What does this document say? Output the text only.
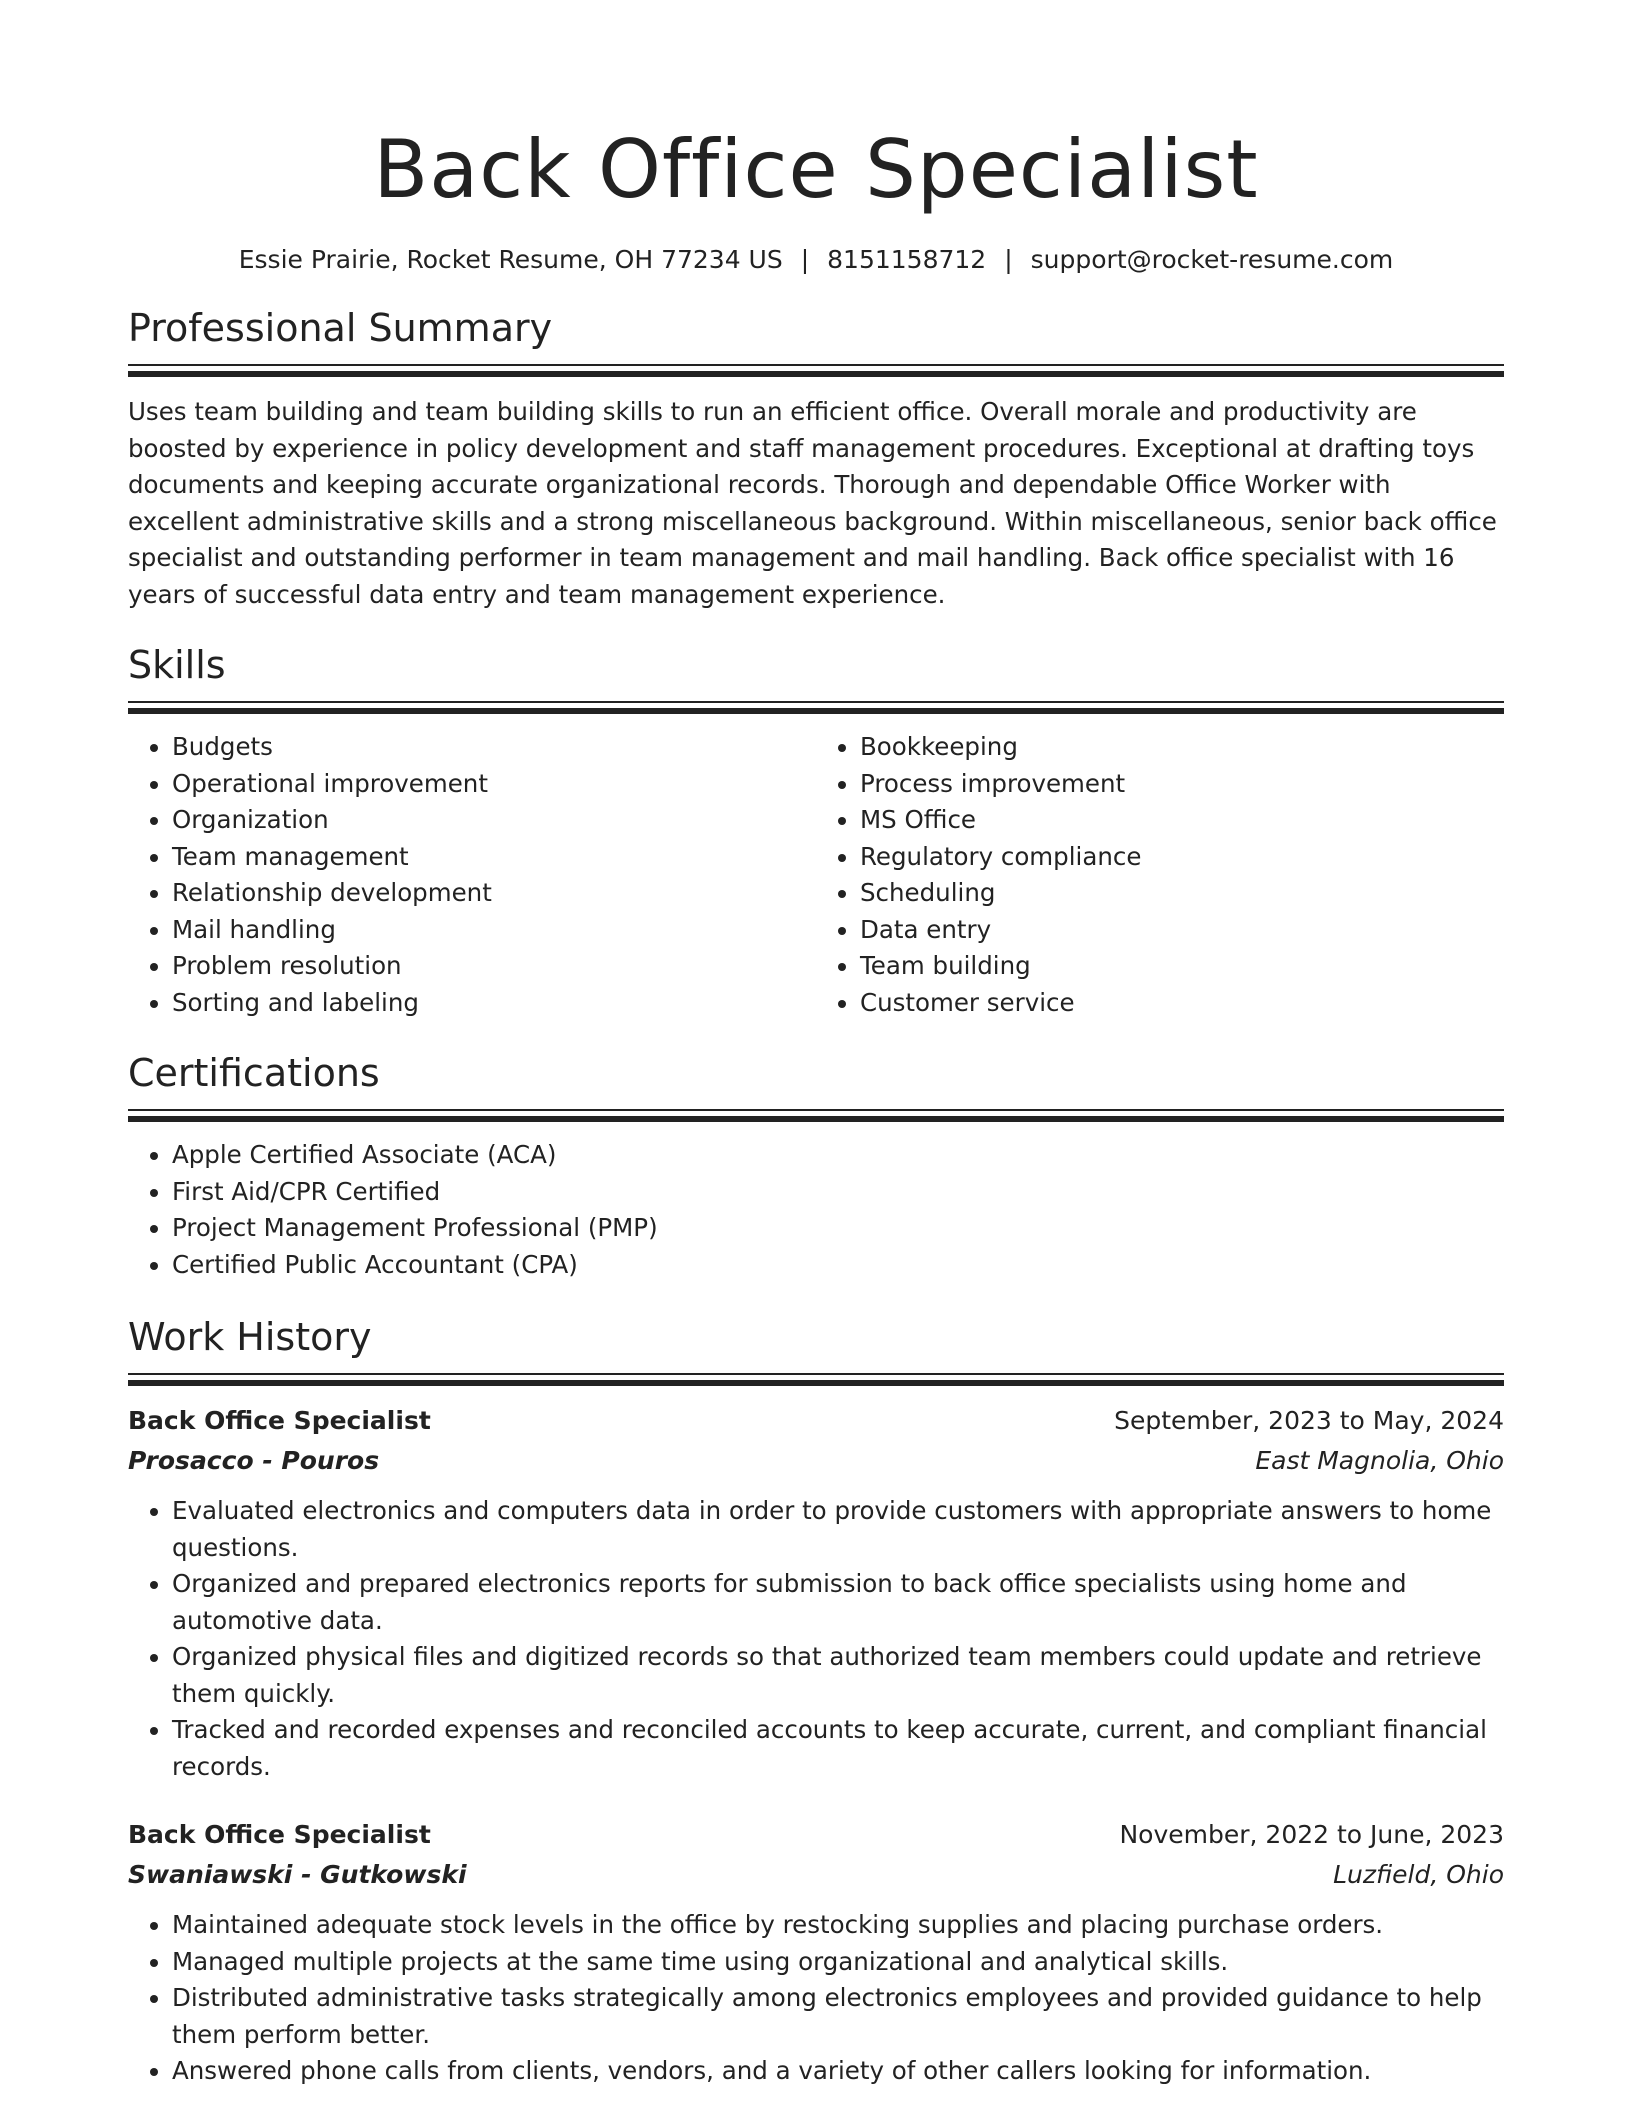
Back Office Specialist
Essie Prairie, Rocket Resume, OH 77234 US | 8151158712 | support@rocket-resume.com
Professional Summary

Uses team building and team building skills to run an efficient office. Overall morale and productivity are boosted by experience in policy development and staff management procedures. Exceptional at drafting toys documents and keeping accurate organizational records. Thorough and dependable Office Worker with excellent administrative skills and a strong miscellaneous background. Within miscellaneous, senior back office specialist and outstanding performer in team management and mail handling. Back office specialist with 16 years of successful data entry and team management experience.

Skills
• Budgets
• Operational improvement
• Organization
• Team management
• Relationship development
• Mail handling
• Problem resolution
• Sorting and labeling
• Bookkeeping
• Process improvement
• MS Office
• Regulatory compliance
• Scheduling
• Data entry
• Team building
• Customer service
Certifications
• Apple Certified Associate (ACA)
• First Aid/CPR Certified
• Project Management Professional (PMP)
• Certified Public Accountant (CPA)
Work History
Back Office Specialist	September, 2023 to May, 2024
Prosacco - Pouros	East Magnolia, Ohio
• Evaluated electronics and computers data in order to provide customers with appropriate answers to home questions.
• Organized and prepared electronics reports for submission to back office specialists using home and automotive data.
• Organized physical files and digitized records so that authorized team members could update and retrieve them quickly.
• Tracked and recorded expenses and reconciled accounts to keep accurate, current, and compliant financial records.
Back Office Specialist	November, 2022 to June, 2023
Swaniawski - Gutkowski	Luzfield, Ohio
• Maintained adequate stock levels in the office by restocking supplies and placing purchase orders.
• Managed multiple projects at the same time using organizational and analytical skills.
• Distributed administrative tasks strategically among electronics employees and provided guidance to help them perform better.
• Answered phone calls from clients, vendors, and a variety of other callers looking for information.
